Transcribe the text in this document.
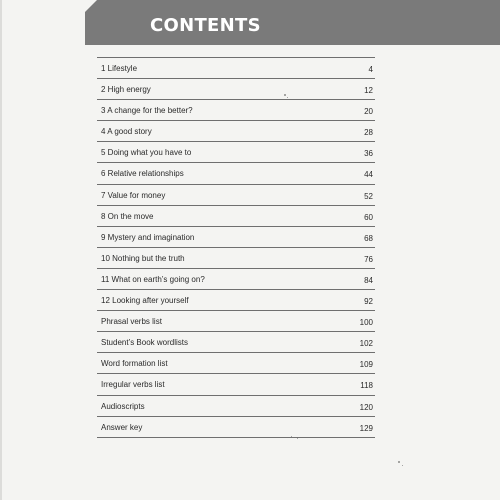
CONTENTS
1 Lifestyle	4
2 High energy	12
3 A change for the better?	20
4 A good story	28
5 Doing what you have to	36
6 Relative relationships	44
7 Value for money	52
8 On the move	60
9 Mystery and imagination	68
10 Nothing but the truth	76
11 What on earth’s going on?	84
12 Looking after yourself	92
Phrasal verbs list	100
Student’s Book wordlists	102
Word formation list	109
Irregular verbs list	118
Audioscripts	120
Answer key	129
